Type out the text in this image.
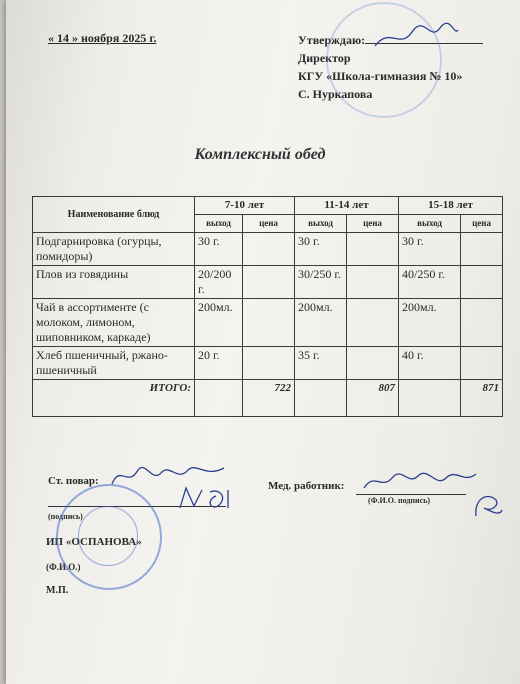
« 14 » ноября 2025 г.	Утверждаю:
Директор
КГУ «Школа-гимназия № 10»
С. Нуркапова
Комплексный обед
Наименование блюд	7-10 лет		11-14 лет		15-18 лет	
	выход	цена	выход	цена	выход	цена
Подгарнировка (огурцы, помидоры)	30 г.		30 г.		30 г.	
Плов из говядины	20/200 г.		30/250 г.		40/250 г.	
Чай в ассортименте (с молоком, лимоном, шиповником, каркаде)	200мл.		200мл.		200мл.	
Хлеб пшеничный, ржано-пшеничный	20 г.		35 г.		40 г.	
ИТОГО:		722		807		871
Ст. повар:
(подпись)
ИП «ОСПАНОВА»
(Ф.И.О.)
М.П.
Мед. работник:
(Ф.И.О. подпись)
